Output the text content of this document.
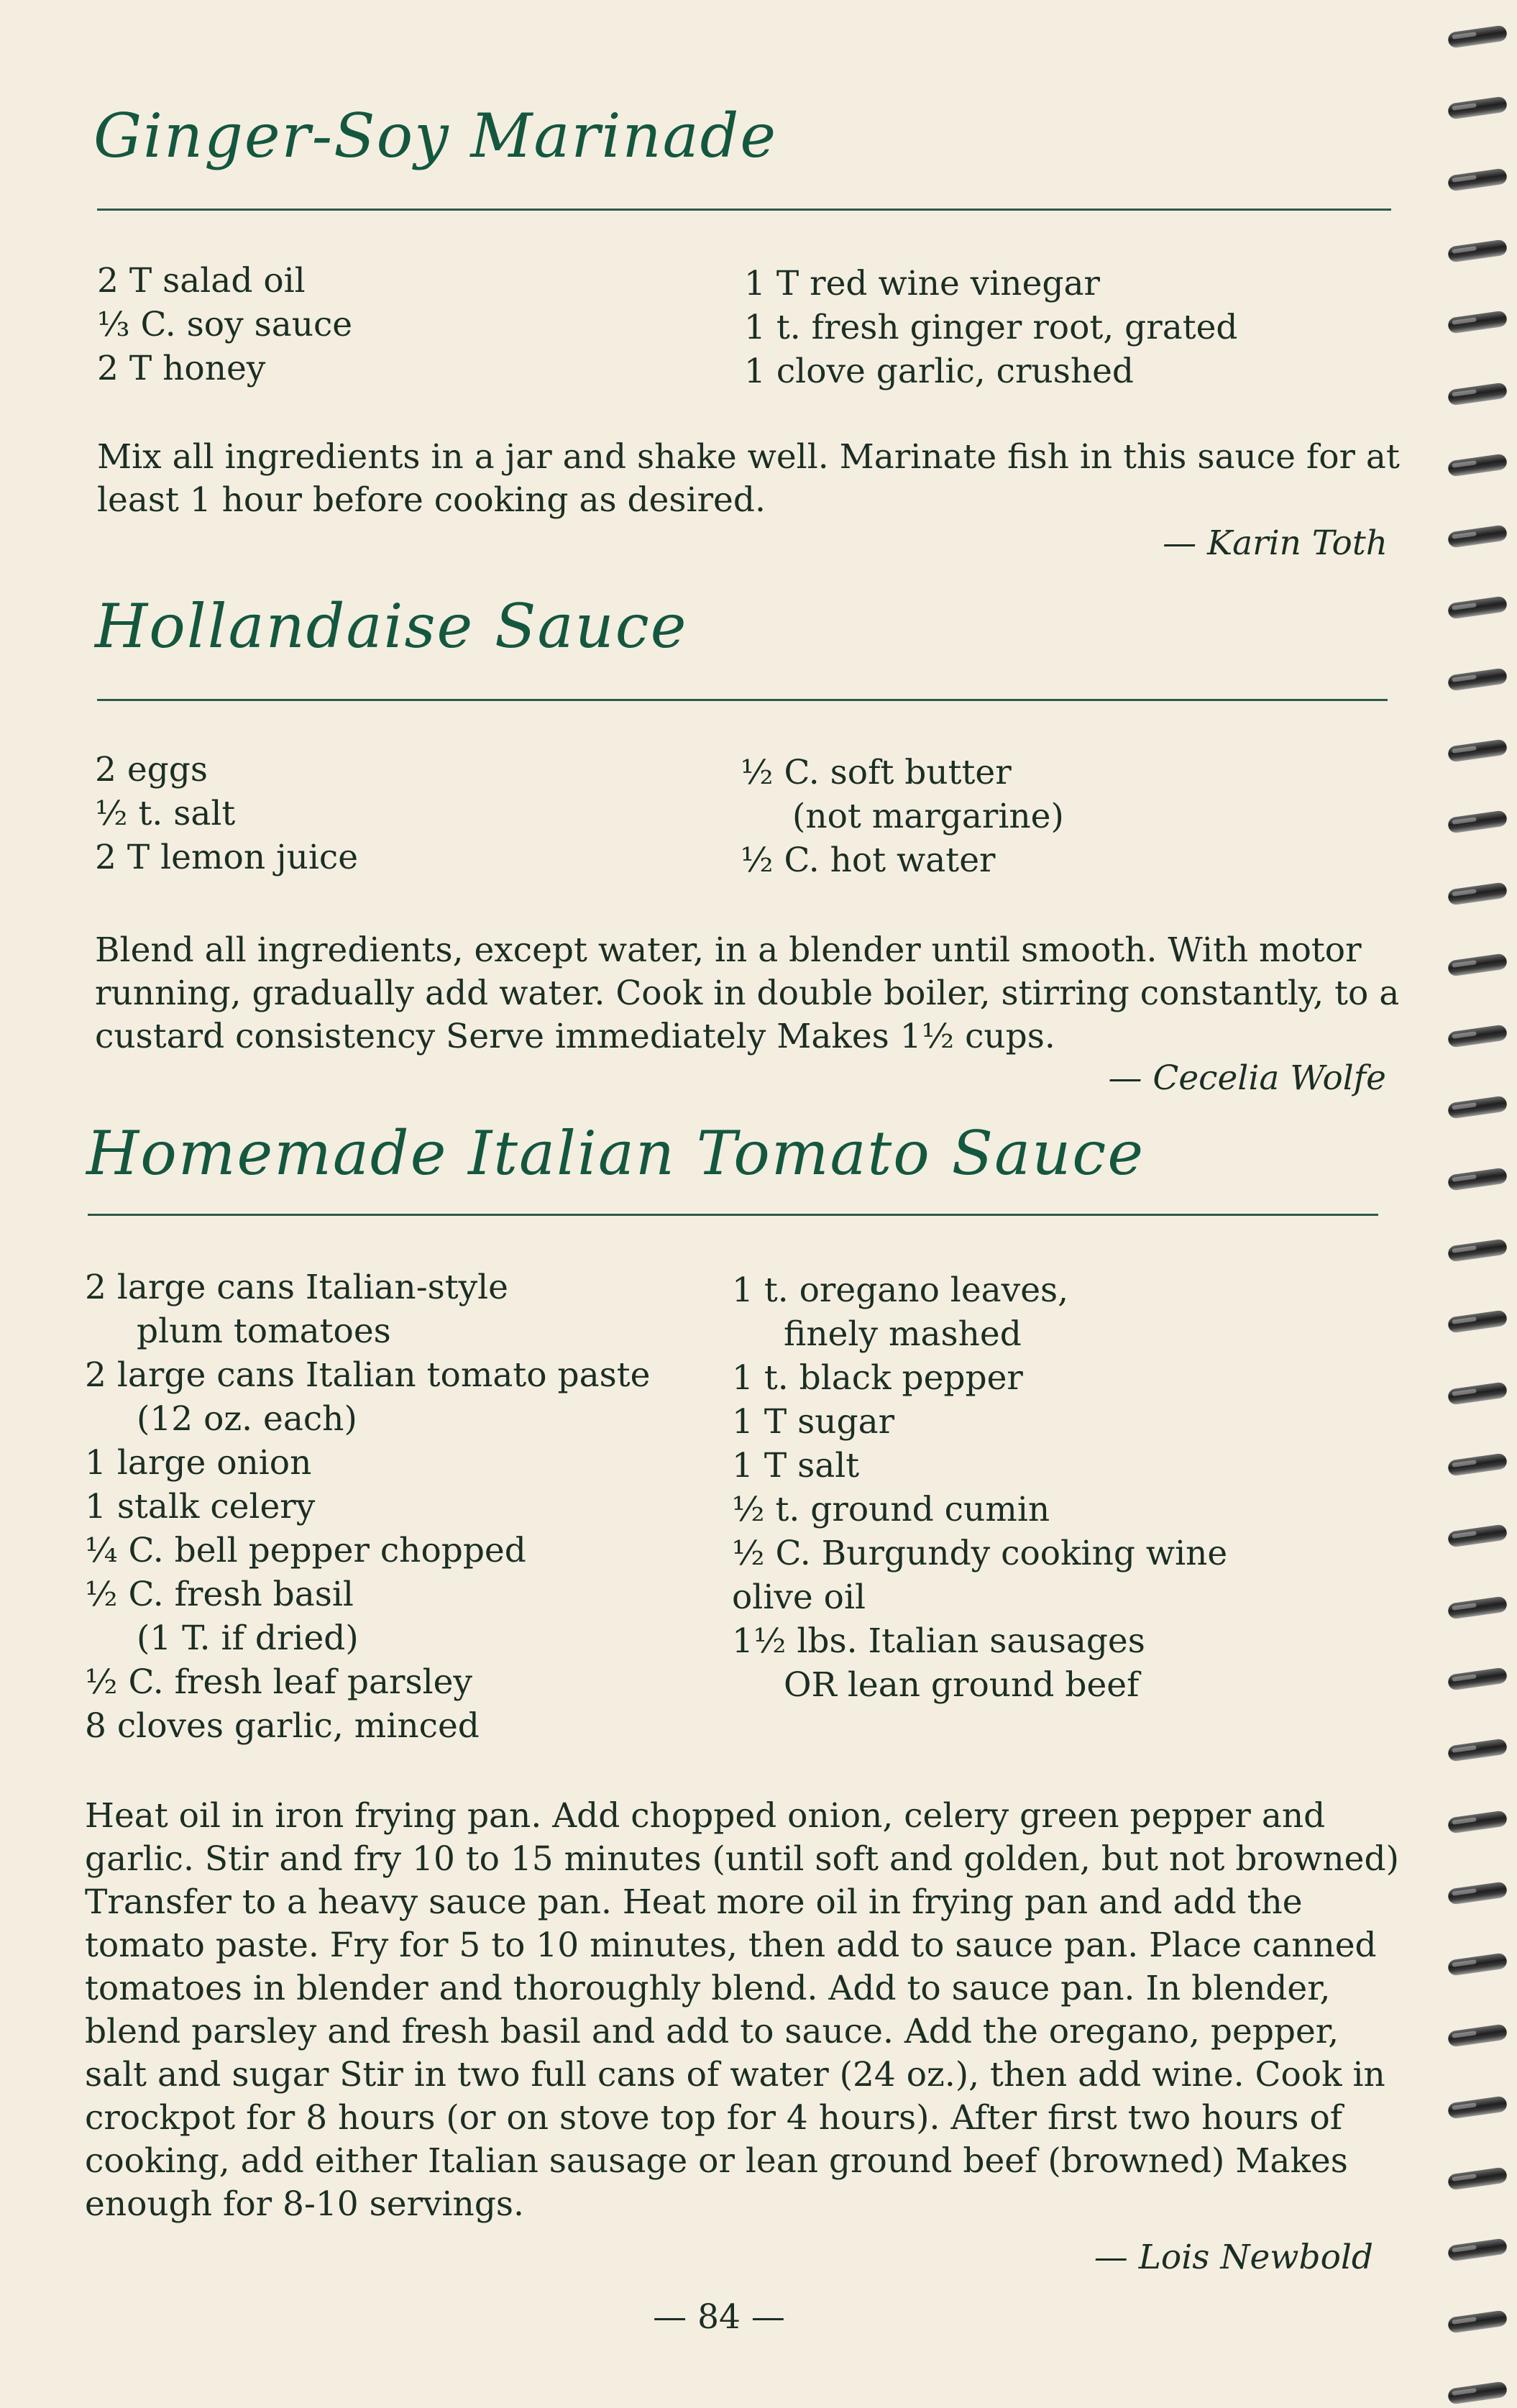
Ginger-Soy Marinade
2 T salad oil
⅓ C. soy sauce
2 T honey
1 T red wine vinegar
1 t. fresh ginger root, grated
1 clove garlic, crushed
Mix all ingredients in a jar and shake well. Marinate fish in this sauce for at
least 1 hour before cooking as desired.
— Karin Toth
Hollandaise Sauce
2 eggs
½ t. salt
2 T lemon juice
½ C. soft butter
(not margarine)
½ C. hot water
Blend all ingredients, except water, in a blender until smooth. With motor
running, gradually add water. Cook in double boiler, stirring constantly, to a
custard consistency Serve immediately Makes 1½ cups.
— Cecelia Wolfe
Homemade Italian Tomato Sauce
2 large cans Italian-style
plum tomatoes
2 large cans Italian tomato paste
(12 oz. each)
1 large onion
1 stalk celery
¼ C. bell pepper chopped
½ C. fresh basil
(1 T. if dried)
½ C. fresh leaf parsley
8 cloves garlic, minced
1 t. oregano leaves,
finely mashed
1 t. black pepper
1 T sugar
1 T salt
½ t. ground cumin
½ C. Burgundy cooking wine
olive oil
1½ lbs. Italian sausages
OR lean ground beef
Heat oil in iron frying pan. Add chopped onion, celery green pepper and
garlic. Stir and fry 10 to 15 minutes (until soft and golden, but not browned)
Transfer to a heavy sauce pan. Heat more oil in frying pan and add the
tomato paste. Fry for 5 to 10 minutes, then add to sauce pan. Place canned
tomatoes in blender and thoroughly blend. Add to sauce pan. In blender,
blend parsley and fresh basil and add to sauce. Add the oregano, pepper,
salt and sugar Stir in two full cans of water (24 oz.), then add wine. Cook in
crockpot for 8 hours (or on stove top for 4 hours). After first two hours of
cooking, add either Italian sausage or lean ground beef (browned) Makes
enough for 8-10 servings.
— Lois Newbold
— 84 —
